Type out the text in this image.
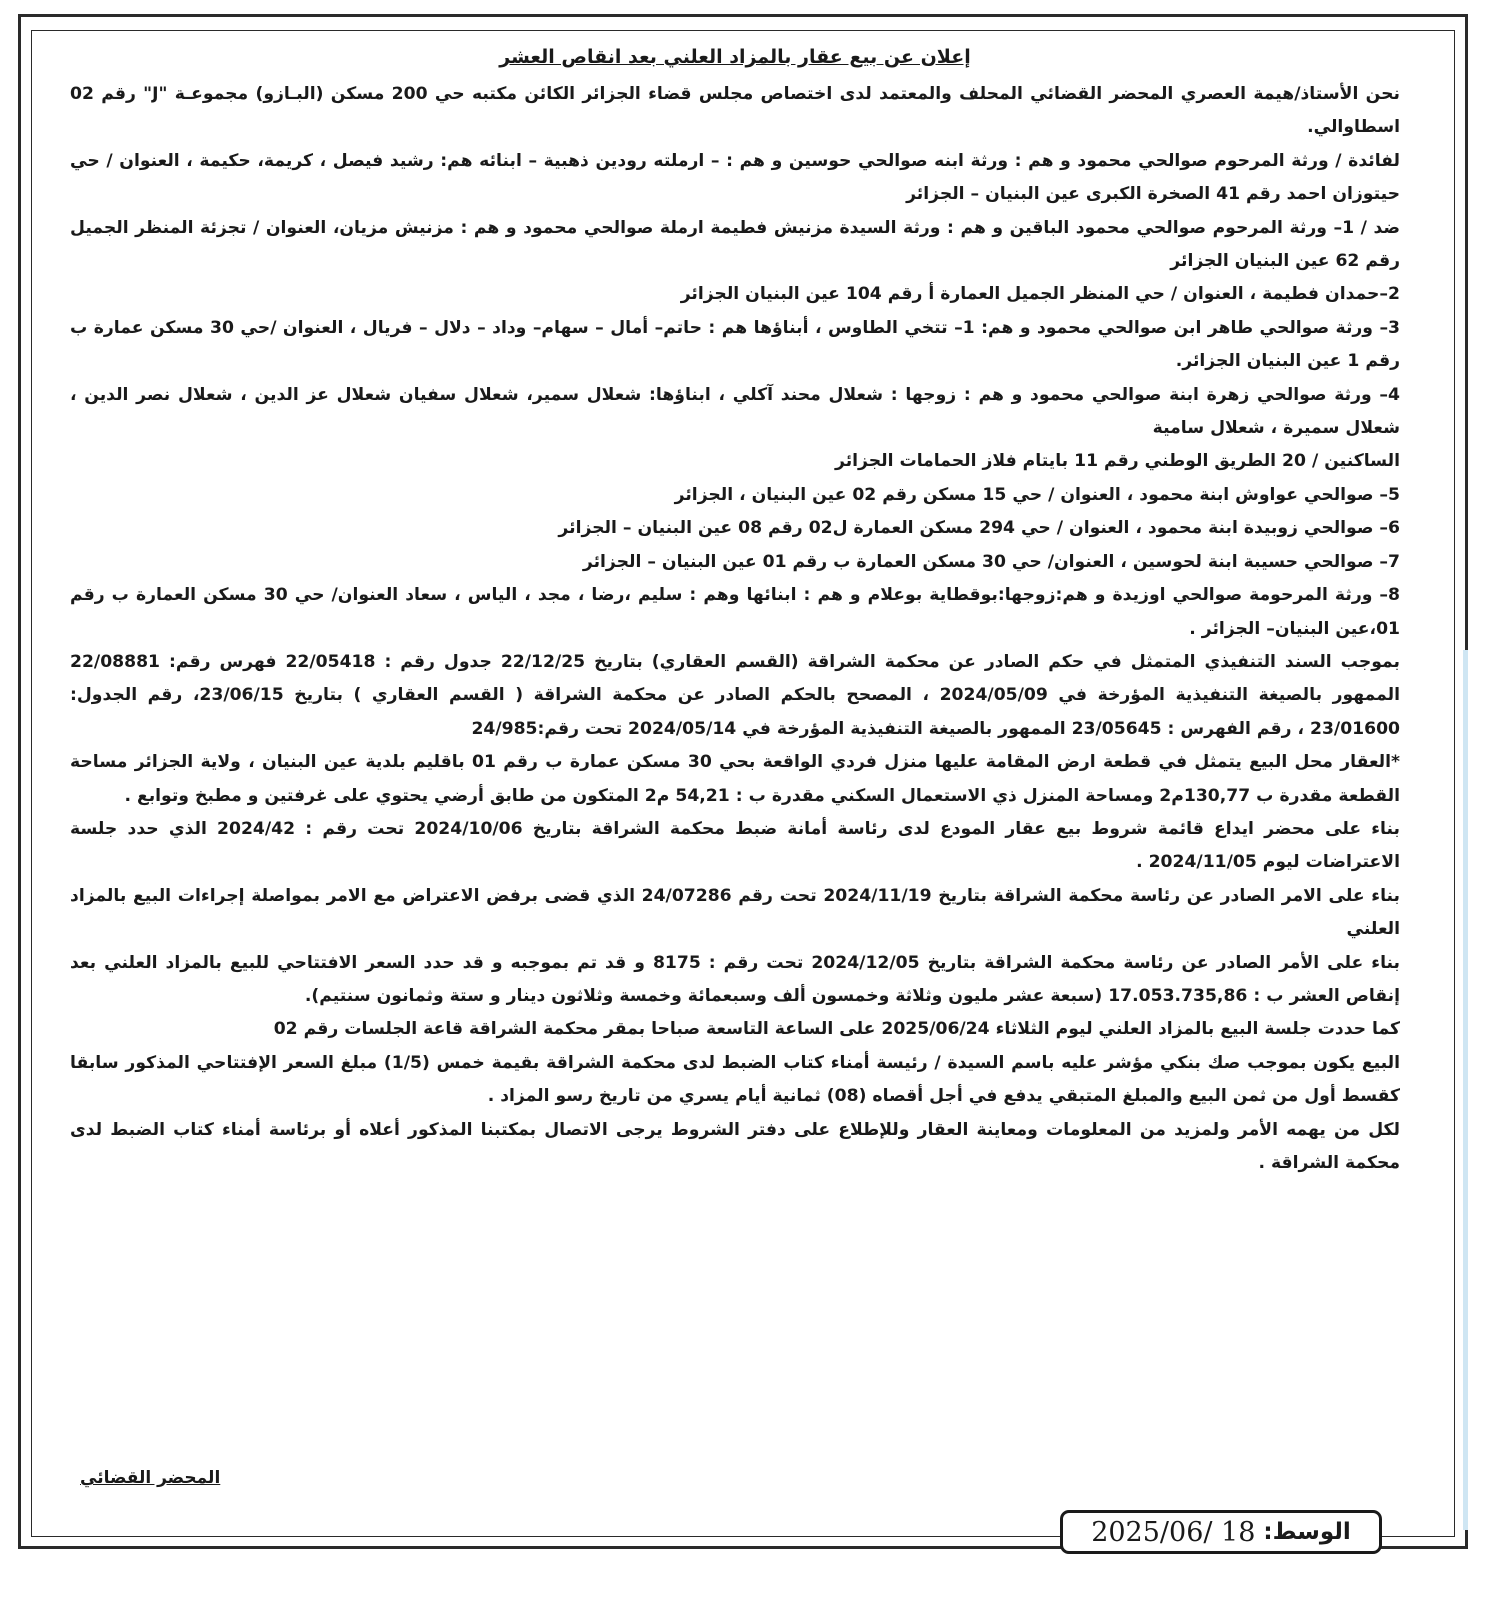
إعلان عن بيع عقار بالمزاد العلني بعد انقاص العشر

نحن الأستاذ/هيمة العصري المحضر القضائي المحلف والمعتمد لدى اختصاص مجلس قضاء الجزائر الكائن مكتبه حي 200 مسكن (البـازو) مجموعـة "J" رقم 02 اسطاوالي.

لفائدة / ورثة المرحوم صوالحي محمود و هم : ورثة ابنه صوالحي حوسين و هم : – ارملته رودين ذهبية – ابنائه هم: رشيد فيصل ، كريمة، حكيمة ، العنوان / حي حيتوزان احمد رقم 41 الصخرة الكبرى عين البنيان – الجزائر

ضد / 1– ورثة المرحوم صوالحي محمود الباقين و هم : ورثة السيدة مزنيش فطيمة ارملة صوالحي محمود و هم : مزنيش مزيان، العنوان / تجزئة المنظر الجميل رقم 62 عين البنيان الجزائر

2–حمدان فطيمة ، العنوان / حي المنظر الجميل العمارة أ رقم 104 عين البنيان الجزائر

3– ورثة صوالحي طاهر ابن صوالحي محمود و هم: 1– تتخي الطاوس ، أبناؤها هم : حاتم– أمال – سهام– وداد – دلال – فريال ، العنوان /حي 30 مسكن عمارة ب رقم 1 عين البنيان الجزائر.

4– ورثة صوالحي زهرة ابنة صوالحي محمود و هم : زوجها : شعلال محند آكلي ، ابناؤها: شعلال سمير، شعلال سفيان شعلال عز الدين ، شعلال نصر الدين ، شعلال سميرة ، شعلال سامية

الساكنين / 20 الطريق الوطني رقم 11 بايتام فلاز الحمامات الجزائر

5– صوالحي عواوش ابنة محمود ، العنوان / حي 15 مسكن رقم 02 عين البنيان ، الجزائر

6– صوالحي زوبيدة ابنة محمود ، العنوان / حي 294 مسكن العمارة ل02 رقم 08 عين البنيان – الجزائر

7– صوالحي حسيبة ابنة لحوسين ، العنوان/ حي 30 مسكن العمارة ب رقم 01 عين البنيان – الجزائر

8– ورثة المرحومة صوالحي اوزيدة و هم:زوجها:بوقطاية بوعلام و هم : ابنائها وهم : سليم ،رضا ، مجد ، الياس ، سعاد العنوان/ حي 30 مسكن العمارة ب رقم 01،عين البنيان– الجزائر .

بموجب السند التنفيذي المتمثل في حكم الصادر عن محكمة الشراقة (القسم العقاري) بتاريخ 22/12/25 جدول رقم : 22/05418 فهرس رقم: 22/08881 الممهور بالصيغة التنفيذية المؤرخة في 2024/05/09 ، المصحح بالحكم الصادر عن محكمة الشراقة ( القسم العقاري ) بتاريخ 23/06/15، رقم الجدول: 23/01600 ، رقم الفهرس : 23/05645 الممهور بالصيغة التنفيذية المؤرخة في 2024/05/14 تحت رقم:24/985

*العقار محل البيع يتمثل في قطعة ارض المقامة عليها منزل فردي الواقعة بحي 30 مسكن عمارة ب رقم 01 باقليم بلدية عين البنيان ، ولاية الجزائر مساحة القطعة مقدرة ب 130,77م2 ومساحة المنزل ذي الاستعمال السكني مقدرة ب : 54,21 م2 المتكون من طابق أرضي يحتوي على غرفتين و مطبخ وتوابع .

بناء على محضر ايداع قائمة شروط بيع عقار المودع لدى رئاسة أمانة ضبط محكمة الشراقة بتاريخ 2024/10/06 تحت رقم : 2024/42 الذي حدد جلسة الاعتراضات ليوم 2024/11/05 .

بناء على الامر الصادر عن رئاسة محكمة الشراقة بتاريخ 2024/11/19 تحت رقم 24/07286 الذي قضى برفض الاعتراض مع الامر بمواصلة إجراءات البيع بالمزاد العلني

بناء على الأمر الصادر عن رئاسة محكمة الشراقة بتاريخ 2024/12/05 تحت رقم : 8175 و قد تم بموجبه و قد حدد السعر الافتتاحي للبيع بالمزاد العلني بعد إنقاص العشر ب : 17.053.735,86 (سبعة عشر مليون وثلاثة وخمسون ألف وسبعمائة وخمسة وثلاثون دينار و ستة وثمانون سنتيم).

كما حددت جلسة البيع بالمزاد العلني ليوم الثلاثاء 2025/06/24 على الساعة التاسعة صباحا بمقر محكمة الشراقة قاعة الجلسات رقم 02

البيع يكون بموجب صك بنكي مؤشر عليه باسم السيدة / رئيسة أمناء كتاب الضبط لدى محكمة الشراقة بقيمة خمس (1/5) مبلغ السعر الإفتتاحي المذكور سابقا كقسط أول من ثمن البيع والمبلغ المتبقي يدفع في أجل أقصاه (08) ثمانية أيام يسري من تاريخ رسو المزاد .

لكل من يهمه الأمر ولمزيد من المعلومات ومعاينة العقار وللإطلاع على دفتر الشروط يرجى الاتصال بمكتبنا المذكور أعلاه أو برئاسة أمناء كتاب الضبط لدى محكمة الشراقة .

المحضر القضائي
الوسط:
2025/06/ 18
